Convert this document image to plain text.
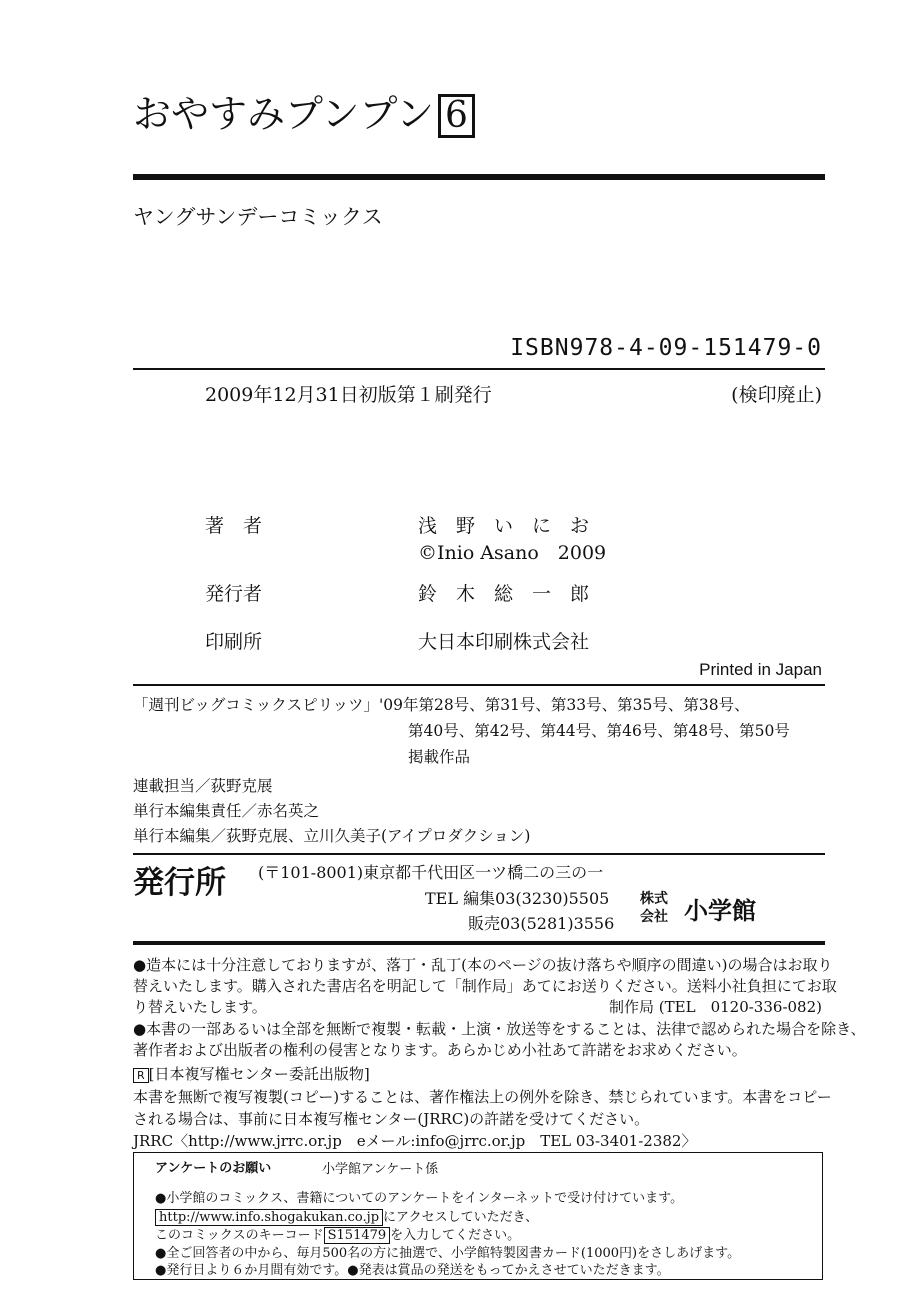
おやすみプンプン 6
ヤングサンデーコミックス
ISBN978-4-09-151479-0
2009年12月31日初版第１刷発行	(検印廃止)
著　者	浅　野　い　に　お
©Inio Asano　2009
発行者	鈴　木　総　一　郎
印刷所	大日本印刷株式会社
Printed in Japan
「週刊ビッグコミックスピリッツ」'09年第28号、第31号、第33号、第35号、第38号、
第40号、第42号、第44号、第46号、第48号、第50号
掲載作品
連載担当／荻野克展
単行本編集責任／赤名英之
単行本編集／荻野克展、立川久美子(アイプロダクション)
発行所 (〒101-8001)東京都千代田区一ツ橋二の三の一
TEL 編集03(3230)5505
販売03(5281)3556
株式
会社 小学館
●造本には十分注意しておりますが、落丁・乱丁(本のページの抜け落ちや順序の間違い)の場合はお取り
替えいたします。購入された書店名を明記して「制作局」あてにお送りください。送料小社負担にてお取
り替えいたします。	制作局 (TEL　0120-336-082)
●本書の一部あるいは全部を無断で複製・転載・上演・放送等をすることは、法律で認められた場合を除き、
著作者および出版者の権利の侵害となります。あらかじめ小社あて許諾をお求めください。
R [日本複写権センター委託出版物]
本書を無断で複写複製(コピー)することは、著作権法上の例外を除き、禁じられています。本書をコピー
される場合は、事前に日本複写権センター(JRRC)の許諾を受けてください。
JRRC〈http://www.jrrc.or.jp　eメール:info@jrrc.or.jp　TEL 03-3401-2382〉
アンケートのお願い	小学館アンケート係
●小学館のコミックス、書籍についてのアンケートをインターネットで受け付けています。
http://www.info.shogakukan.co.jp にアクセスしていただき、
このコミックスのキーコード S151479 を入力してください。
●全ご回答者の中から、毎月500名の方に抽選で、小学館特製図書カード(1000円)をさしあげます。
●発行日より６か月間有効です。●発表は賞品の発送をもってかえさせていただきます。
